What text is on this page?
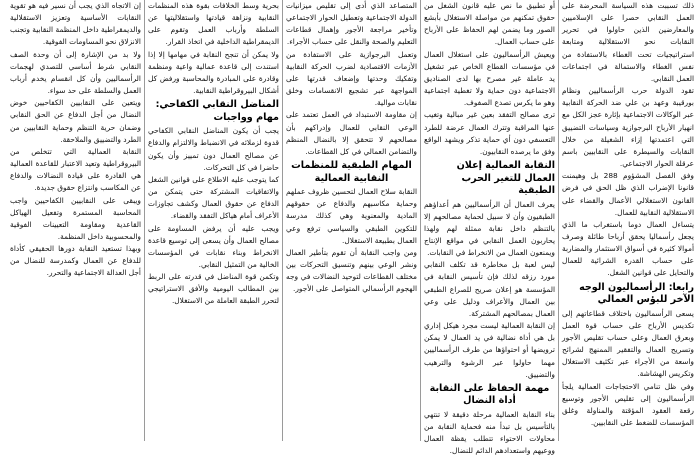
ذلك تسببت هذه السياسة المحرضة على العمل النقابي حصرا على الإسلاميين والمعارضين الذين حاولوا في تحرير النقابات نحو الاستقلالية ومتابعة استراتيجيات تحت الغطاء بالاستفادة من نفس الغطاء والاستمالة في اجتماعات العمل النقابي.

تقود الدولة حرب الرأسماليين ونظام بورقيبة وعهد بن علي ضد الحركة النقابية عبر الوكالات الاجتماعية بإثارة عجز الكل مع انهيار الأرباح البرجوازية وسياسات التضييق التي اعتمدتها إزاء الشغيلة من خلال النقابات والسيطرة على النقابيين باسم عرقلة الحوار الاجتماعي.

وفق الفصل المشؤوم 288 بل وهيمنت قانونا الإضراب الذي ظل الحق في فرض القانون الاستغلالي الأعمال والقضاء على الاستقلالية النقابية للعمال.

يتساءل العمال دوما باستغراب ما الذي يجعل رأسماليا يحقق أرباحا طائلة وصرف أموالا كثيرة في أسواق الاستثمار والمضاربة على حساب القدرة الشرائية للعمال والتحايل على قوانين الشغل.

رابعا: الرأسماليون الوجه الآخر للبؤس العمالي

يسعى الرأسماليون باختلاف قطاعاتهم إلى تكديس الأرباح على حساب قوة العمل وبعرق العمال وعلى حساب تقليص الأجور وتسريح العمال والتفقير الممنهج لشرائح واسعة من الأجراء عبر تكثيف الاستغلال وتكريس الهشاشة.

وفي ظل تنامي الاحتجاجات العمالية يلجأ الرأسماليون إلى تقليص الأجور وتوسيع رقعة العقود المؤقتة والمناولة وغلق المؤسسات للضغط على النقابيين.

أو تطبيق ما نص عليه قانون الشغل من حقوق تمكنهم من مواصلة الاستغلال بأبشع الصور وما يضمن لهم الحفاظ على الأرباح على حساب العمال.

ويعيش الرأسماليون على استغلال العمال في مؤسسات القطاع الخاص عبر تشغيل يد عاملة غير مصرح بها لدى الصناديق الاجتماعية دون حماية ولا تغطية اجتماعية وهو ما يكرس تصدع الصفوف.

ترى مصالح التفقد بعين غير مبالية وتغيب عنها المراقبة وتترك العمال عرضة للطرد التعسفي دون أي حماية تذكر ويشهد الواقع وفق ما يرصده النقابيون.

النقابة العمالية إعلان العمال للتغير الحرب الطبقية

يعرف العمال أن الرأسماليين هم أعداؤهم الطبقيون وأن لا سبيل لحماية مصالحهم إلا بالتنظم داخل نقابة ممثلة لهم ولهذا يحاربون العمل النقابي في مواقع الإنتاج ويمنعون العمال من الانخراط في النقابات.

ليس لعبة بل مخاطرة قد تكلف النقابي مورد رزقه لذلك فإن تأسيس النقابة في المؤسسة هو إعلان صريح للصراع الطبقي بين العمال والأعراف ودليل على وعي العمال بمصالحهم المشتركة.

إن النقابة العمالية ليست مجرد هيكل إداري بل هي أداة نضالية في يد العمال لا يمكن ترويضها أو احتواؤها من طرف الرأسماليين مهما حاولوا عبر الرشوة والترهيب والتضييق.

مهمة الحفاظ على النقابة أداة النضال

بناء النقابة العمالية مرحلة دقيقة لا تنتهي بالتأسيس بل تبدأ منه فحماية النقابة من محاولات الاحتواء تتطلب يقظة العمال ووعيهم واستعدادهم الدائم للنضال.

المتصاعد الذي أدى إلى تقليص ميزانيات الدولة الاجتماعية وتعطيل الحوار الاجتماعي وتأخير مراجعة الأجور وإهمال قطاعات التعليم والصحة والنقل على حساب الأجراء.

وتعمل البرجوازية على الاستفادة من الأزمات الاقتصادية لضرب الحركة النقابية وتفكيك وحدتها وإضعاف قدرتها على المواجهة عبر تشجيع الانقسامات وخلق نقابات موالية.

إن مقاومة الاستبداد في العمل تعتمد على الوعي النقابي للعمال وإدراكهم بأن مصالحهم لا تتحقق إلا بالنضال المنظم والتضامن العمالي في كل القطاعات.

المهام الطبقية للمنظمات النقابية العمالية

النقابة سلاح العمال لتحسين ظروف عملهم وحماية مكاسبهم والدفاع عن حقوقهم المادية والمعنوية وهي كذلك مدرسة للتكوين الطبقي والسياسي ترفع وعي العمال بطبيعة الاستغلال.

ومن واجب النقابة أن تقوم بتأطير العمال ونشر الوعي بينهم وتنسيق التحركات بين مختلف القطاعات لتوحيد النضالات في وجه الهجوم الرأسمالي المتواصل على الأجور.

بحرية وسط الخلافات بقوة هذه المنظمات النقابية ونزاهة قيادتها واستقلاليتها عن السلطة وأرباب العمل وتقوم على الديمقراطية الداخلية في اتخاذ القرار.

ولا يمكن أن تنجح النقابة في مهامها إلا إذا استندت إلى قاعدة عمالية واعية ومنظمة وقادرة على المبادرة والمحاسبة ورفض كل أشكال البيروقراطية النقابية.

المناضل النقابي الكفاحي: مهام وواجبات

يجب أن يكون المناضل النقابي الكفاحي قدوة لزملائه في الانضباط والالتزام والدفاع عن مصالح العمال دون تمييز وأن يكون حاضرا في كل التحركات.

كما يتوجب عليه الاطلاع على قوانين الشغل والاتفاقيات المشتركة حتى يتمكن من الدفاع عن حقوق العمال وكشف تجاوزات الأعراف أمام هياكل التفقد والقضاء.

ويجب عليه أن يرفض المساومة على مصالح العمال وأن يسعى إلى توسيع قاعدة الانخراط وبناء نقابات في المؤسسات الخالية من التمثيل النقابي.

وتكمن قوة المناضل في قدرته على الربط بين المطالب اليومية والأفق الاستراتيجي لتحرر الطبقة العاملة من الاستغلال.

إن الاتجاه الذي يجب أن نسير فيه هو تقوية النقابات الأساسية وتعزيز الاستقلالية والديمقراطية داخل المنظمة النقابية وتجنب الانزلاق نحو المساومات الفوقية.

ولا بد من الإشارة إلى أن وحدة الصف النقابي شرط أساسي للتصدي لهجمات الرأسماليين وأن كل انقسام يخدم أرباب العمل والسلطة على حد سواء.

ويتعين على النقابيين الكفاحيين خوض النضال من أجل الدفاع عن الحق النقابي وضمان حرية التنظم وحماية النقابيين من الطرد والتضييق والملاحقة.

النقابة العمالية التي تتخلص من البيروقراطية وتعيد الاعتبار للقاعدة العمالية هي القادرة على قيادة النضالات والدفاع عن المكاسب وانتزاع حقوق جديدة.

ويبقى على النقابيين الكفاحيين واجب المحاسبة المستمرة وتفعيل الهياكل القاعدية ومقاومة التعيينات الفوقية والمحسوبية داخل المنظمة.

وبهذا تستعيد النقابة دورها الحقيقي كأداة للدفاع عن العمال وكمدرسة للنضال من أجل العدالة الاجتماعية والتحرر.
